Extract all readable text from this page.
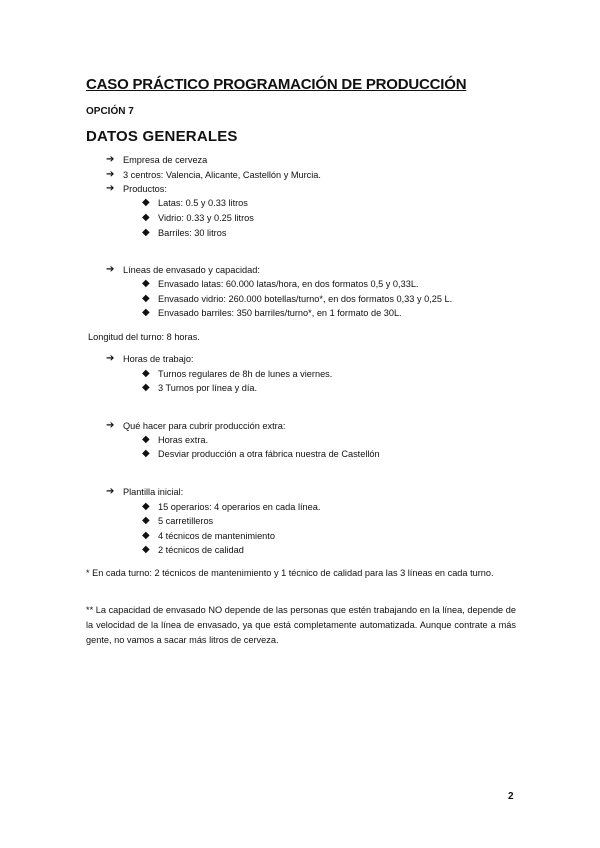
CASO PRÁCTICO PROGRAMACIÓN DE PRODUCCIÓN
OPCIÓN 7
DATOS GENERALES
➔ Empresa de cerveza
➔ 3 centros: Valencia, Alicante, Castellón y Murcia.
➔ Productos:
◆ Latas: 0.5 y 0.33 litros
◆ Vidrio: 0.33 y 0.25 litros
◆ Barriles: 30 litros
➔ Líneas de envasado y capacidad:
◆ Envasado latas: 60.000 latas/hora, en dos formatos 0,5 y 0,33L.
◆ Envasado vidrio: 260.000 botellas/turno*, en dos formatos 0,33 y 0,25 L.
◆ Envasado barriles: 350 barriles/turno*, en 1 formato de 30L.
Longitud del turno: 8 horas.
➔ Horas de trabajo:
◆ Turnos regulares de 8h de lunes a viernes.
◆ 3 Turnos por línea y día.
➔ Qué hacer para cubrir producción extra:
◆ Horas extra.
◆ Desviar producción a otra fábrica nuestra de Castellón
➔ Plantilla inicial:
◆ 15 operarios: 4 operarios en cada línea.
◆ 5 carretilleros
◆ 4 técnicos de mantenimiento
◆ 2 técnicos de calidad
* En cada turno: 2 técnicos de mantenimiento y 1 técnico de calidad para las 3 líneas en cada turno.
** La capacidad de envasado NO depende de las personas que estén trabajando en la línea, depende de la velocidad de la línea de envasado, ya que está completamente automatizada. Aunque contrate a más gente, no vamos a sacar más litros de cerveza.
2
